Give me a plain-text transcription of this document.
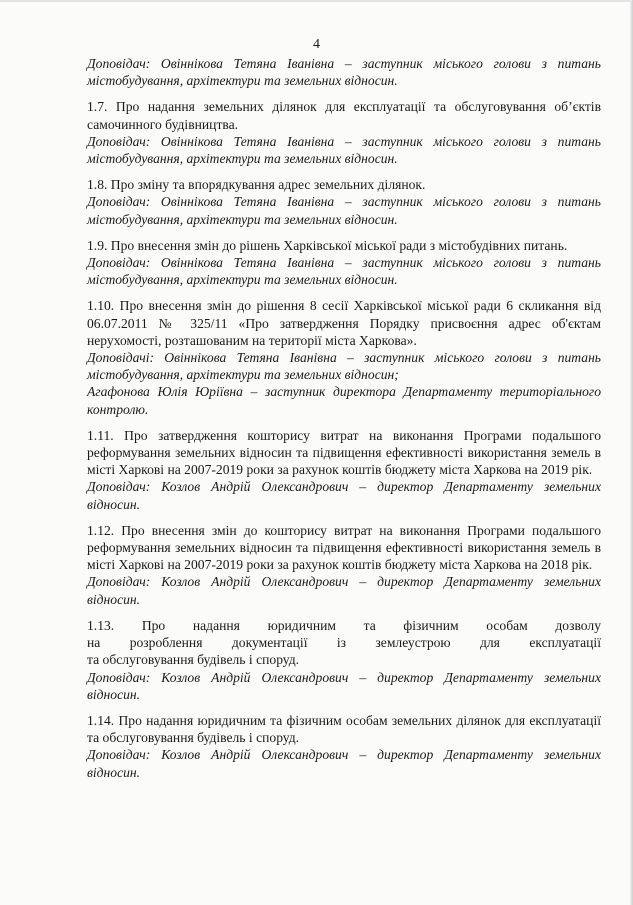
4

Доповідач: Овіннікова Тетяна Іванівна – заступник міського голови з питань містобудування, архітектури та земельних відносин.

1.7. Про надання земельних ділянок для експлуатації та обслуговування об’єктів самочинного будівництва.

Доповідач: Овіннікова Тетяна Іванівна – заступник міського голови з питань містобудування, архітектури та земельних відносин.

1.8. Про зміну та впорядкування адрес земельних ділянок.

Доповідач: Овіннікова Тетяна Іванівна – заступник міського голови з питань містобудування, архітектури та земельних відносин.

1.9. Про внесення змін до рішень Харківської міської ради з містобудівних питань.

Доповідач: Овіннікова Тетяна Іванівна – заступник міського голови з питань містобудування, архітектури та земельних відносин.

1.10. Про внесення змін до рішення 8 сесії Харківської міської ради 6 скликання від 06.07.2011 № 325/11 «Про затвердження Порядку присвоєння адрес об'єктам нерухомості, розташованим на території міста Харкова».

Доповідачі: Овіннікова Тетяна Іванівна – заступник міського голови з питань містобудування, архітектури та земельних відносин;

Агафонова Юлія Юріївна – заступник директора Департаменту територіального контролю.

1.11. Про затвердження кошторису витрат на виконання Програми подальшого реформування земельних відносин та підвищення ефективності використання земель в місті Харкові на 2007-2019 роки за рахунок коштів бюджету міста Харкова на 2019 рік.

Доповідач: Козлов Андрій Олександрович – директор Департаменту земельних відносин.

1.12. Про внесення змін до кошторису витрат на виконання Програми подальшого реформування земельних відносин та підвищення ефективності використання земель в місті Харкові на 2007-2019 роки за рахунок коштів бюджету міста Харкова на 2018 рік.

Доповідач: Козлов Андрій Олександрович – директор Департаменту земельних відносин.

1.13. Про надання юридичним та фізичним особам дозволу

на розроблення документації із землеустрою для експлуатації

та обслуговування будівель і споруд.

Доповідач: Козлов Андрій Олександрович – директор Департаменту земельних відносин.

1.14. Про надання юридичним та фізичним особам земельних ділянок для експлуатації та обслуговування будівель і споруд.

Доповідач: Козлов Андрій Олександрович – директор Департаменту земельних відносин.
